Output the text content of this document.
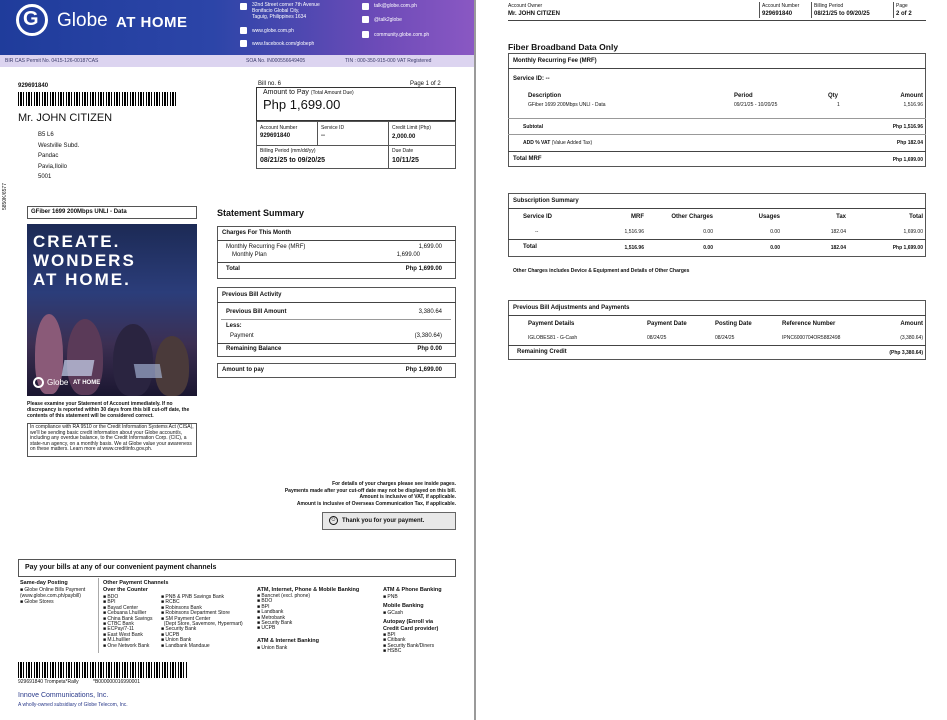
G Globe AT HOME
32nd Street corner 7th Avenue
Bonifacio Global City,
Taguig, Philippines 1634
www.globe.com.ph
www.facebook.com/globeph
talk@globe.com.ph
@talk2globe
community.globe.com.ph
BIR CAS Permit No. 0415-126-00187CAS	SOA No. IN000556649405	TIN : 000-350-915-000 VAT Registered
929691840
Mr. JOHN CITIZEN
B5 L6
Westville Subd.
Pandac
Pavia,Iloilo
5001
5850K/6577
Bill no. 6	Page 1 of 2
Amount to Pay (Total Amount Due)
Php 1,699.00
Account Number
929691840
Service ID
--
Credit Limit (Php)
2,000.00
Billing Period (mm/dd/yy)
08/21/25 to 09/20/25
Due Date
10/11/25
GFiber 1699 200Mbps UNLI - Data
CREATE.
WONDERS
AT HOME.
Globe AT HOME
Please examine your Statement of Account immediately. If no discrepancy is reported within 30 days from this bill cut-off date, the contents of this statement will be considered correct.
In compliance with RA 9510 or the Credit Information Systems Act (CISA), we'll be sending basic credit information about your Globe account/s, including any overdue balance, to the Credit Information Corp. (CIC), a state-run agency, on a monthly basis. We at Globe value your awareness on these matters. Learn more at www.creditinfo.gov.ph.
Statement Summary
Charges For This Month
Monthly Recurring Fee (MRF)	1,699.00
Monthly Plan	1,699.00
Total	Php 1,699.00
Previous Bill Activity
Previous Bill Amount	3,380.64
Less:
Payment	(3,380.64)
Remaining Balance	Php 0.00
Amount to pay	Php 1,699.00
For details of your charges please see inside pages.
Payments made after your cut-off date may not be displayed on this bill.
Amount is inclusive of VAT, if applicable.
Amount is inclusive of Overseas Communication Tax, if applicable.
☺ Thank you for your payment.
Pay your bills at any of our convenient payment channels
Same-day Posting
■ Globe Online Bills Payment
(www.globe.com.ph/paybill)
■ Globe Stores
Other Payment Channels
Over the Counter
■ BDO
■ BPI
■ Bayad Center
■ Cebuana Lhuillier
■ China Bank Savings
■ CTBC Bank
■ ECPay/7-11
■ East West Bank
■ M.Lhuillier
■ One Network Bank
■ PNB & PNB Savings Bank
■ RCBC
■ Robinsons Bank
■ Robinsons Department Store
■ SM Payment Center
(Dept Store, Savemore, Hypermart)
■ Security Bank
■ UCPB
■ Union Bank
■ Landbank Mandaue
ATM, Internet, Phone & Mobile Banking
■ Bancnet (excl. phone)
■ BDO
■ BPI
■ Landbank
■ Metrobank
■ Security Bank
■ UCPB
ATM & Internet Banking
■ Union Bank
ATM & Phone Banking
■ PNB
Mobile Banking
■ GCash
Autopay (Enroll via
Credit Card provider)
■ BPI
■ Citibank
■ Security Bank/Diners
■ HSBC
929691840 Trompeta*Rally	*B000000016990001
Innove Communications, Inc.
A wholly-owned subsidiary of Globe Telecom, Inc.
Account Owner
Mr. JOHN CITIZEN
Account Number
929691840
Billing Period
08/21/25 to 09/20/25
Page
2 of 2
Fiber Broadband Data Only
Monthly Recurring Fee (MRF)
Service ID: --
Description	Period	Qty	Amount
GFiber 1699 200Mbps UNLI - Data	09/21/25 - 10/20/25	1	1,516.96
Subtotal	Php 1,516.96
ADD % VAT (Value Added Tax)	Php 182.04
Total MRF	Php 1,699.00
Subscription Summary
Service ID	MRF	Other Charges	Usages	Tax	Total
--	1,516.96	0.00	0.00	182.04	1,699.00
Total	1,516.96	0.00	0.00	182.04	Php 1,699.00
Other Charges includes Device & Equipment and Details of Other Charges
Previous Bill Adjustments and Payments
Payment Details	Payment Date	Posting Date	Reference Number	Amount
IGLOBES81 - G-Cash	08/24/25	08/24/25	IPNC6000704OR5882498	(3,380.64)
Remaining Credit	(Php 3,380.64)
